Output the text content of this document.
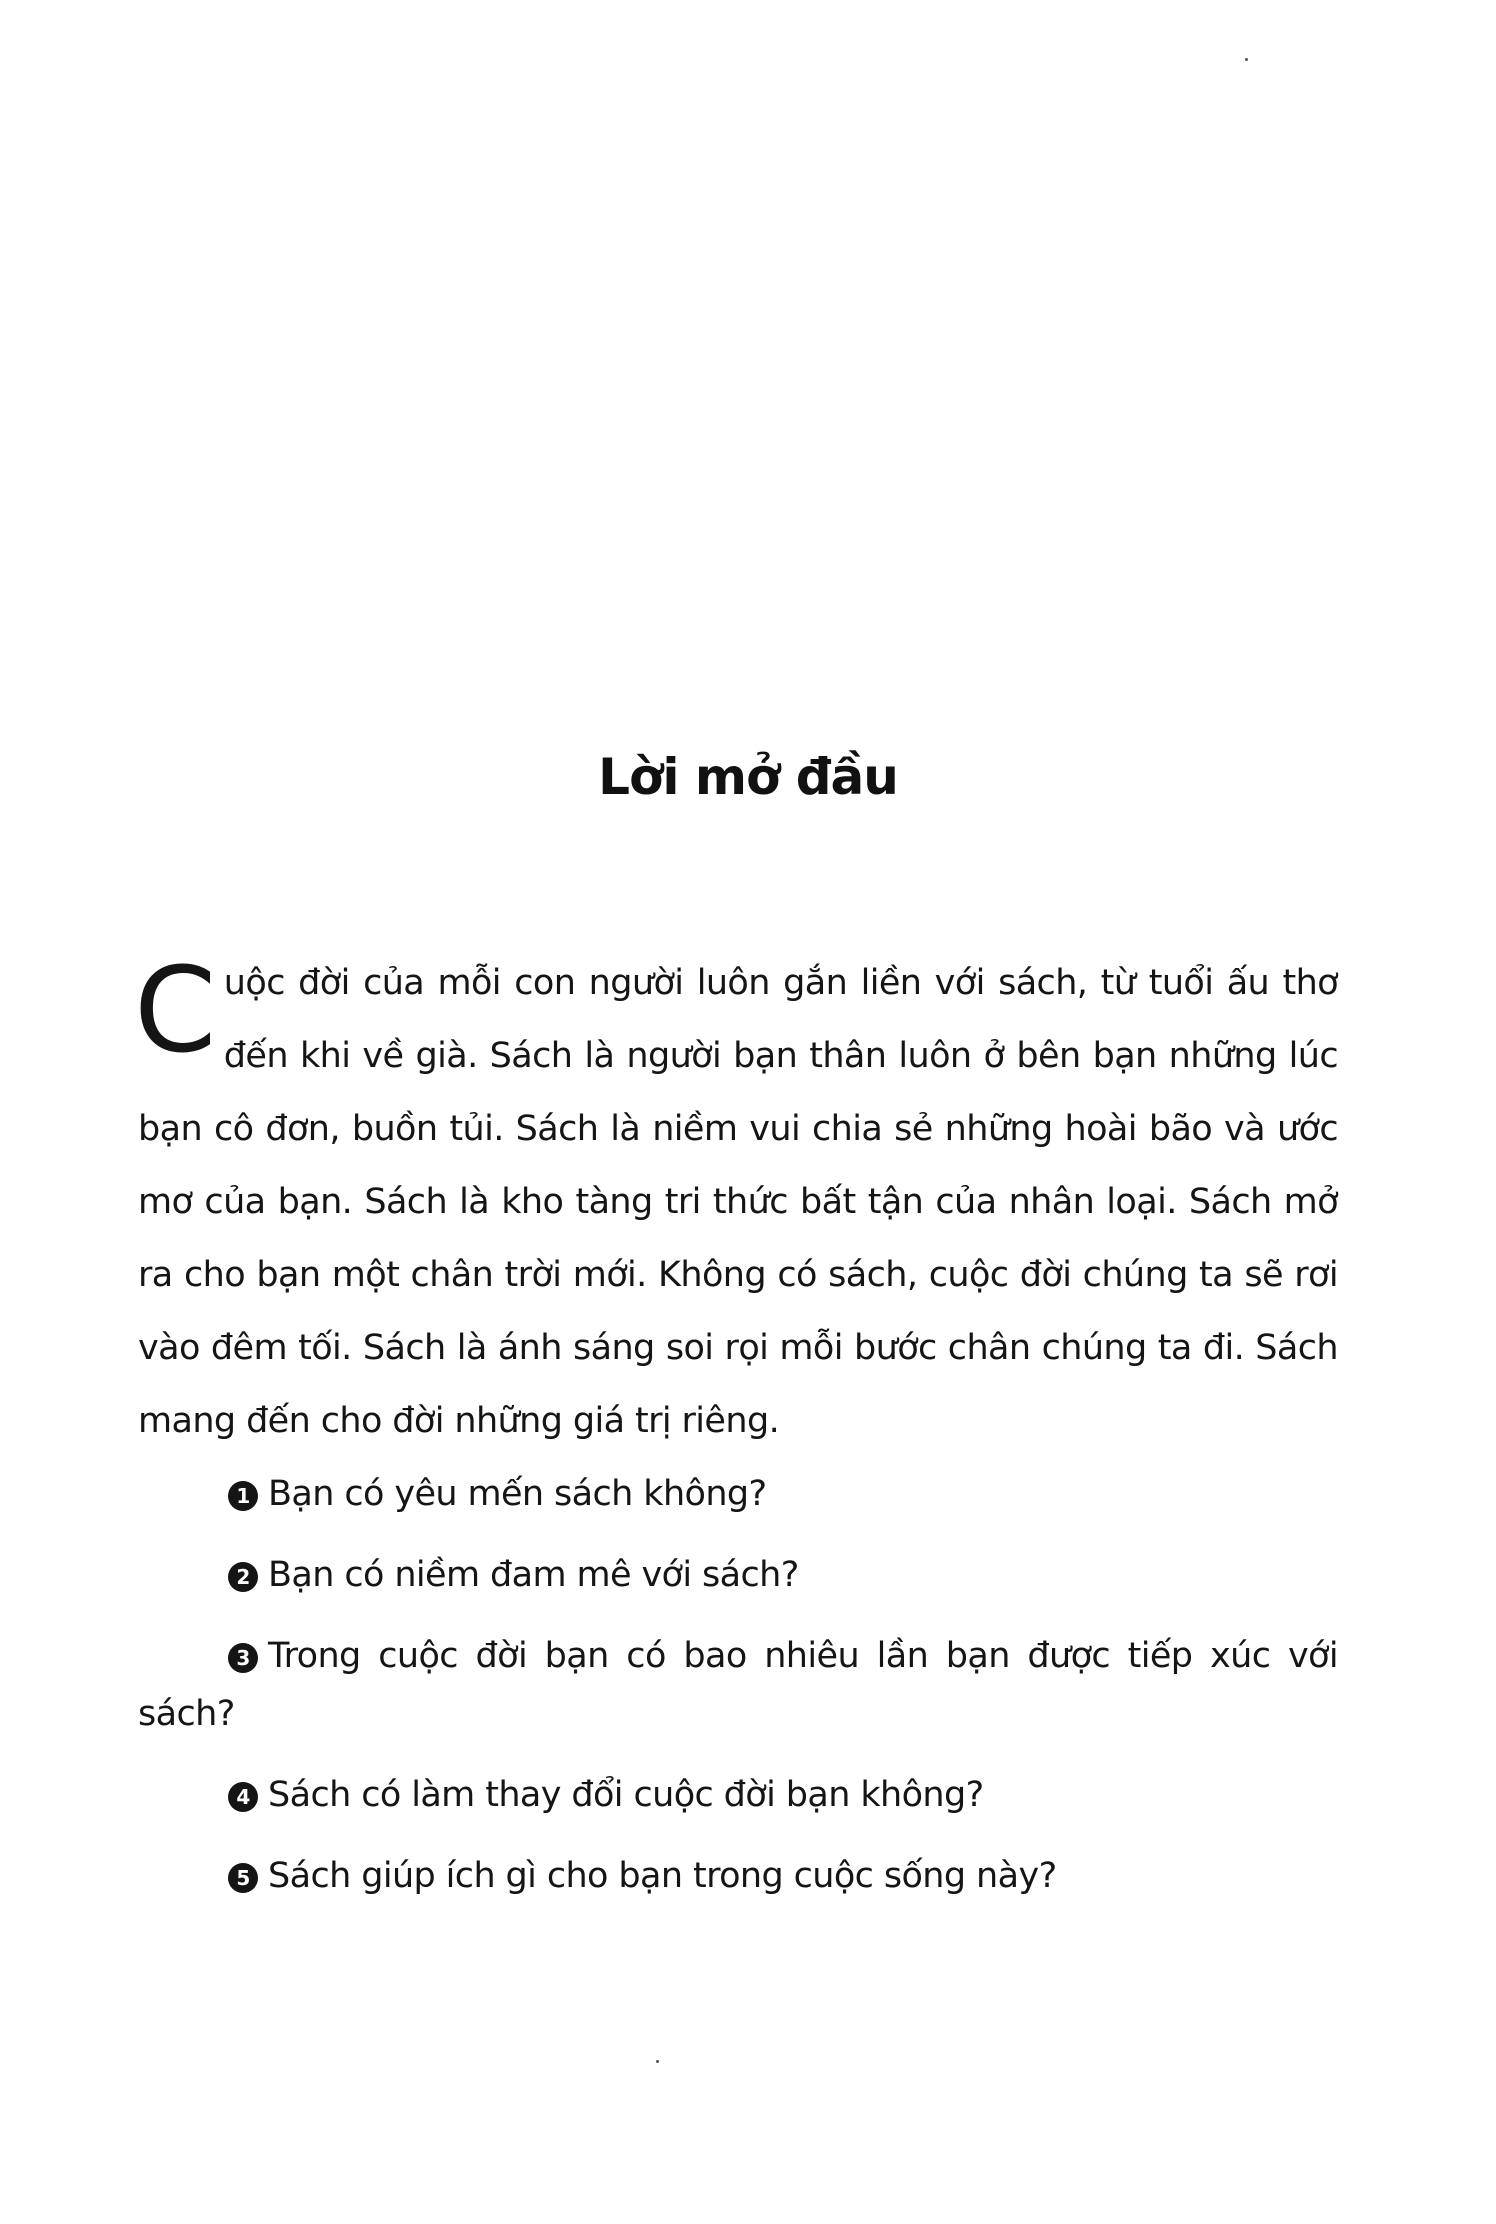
Lời mở đầu
Cuộc đời của mỗi con người luôn gắn liền với sách, từ tuổi ấu thơ đến khi về già. Sách là người bạn thân luôn ở bên bạn những lúc bạn cô đơn, buồn tủi. Sách là niềm vui chia sẻ những hoài bão và ước mơ của bạn. Sách là kho tàng tri thức bất tận của nhân loại. Sách mở ra cho bạn một chân trời mới. Không có sách, cuộc đời chúng ta sẽ rơi vào đêm tối. Sách là ánh sáng soi rọi mỗi bước chân chúng ta đi. Sách mang đến cho đời những giá trị riêng.
1 Bạn có yêu mến sách không?
2 Bạn có niềm đam mê với sách?
3 Trong cuộc đời bạn có bao nhiêu lần bạn được tiếp xúc với sách?
4 Sách có làm thay đổi cuộc đời bạn không?
5 Sách giúp ích gì cho bạn trong cuộc sống này?
